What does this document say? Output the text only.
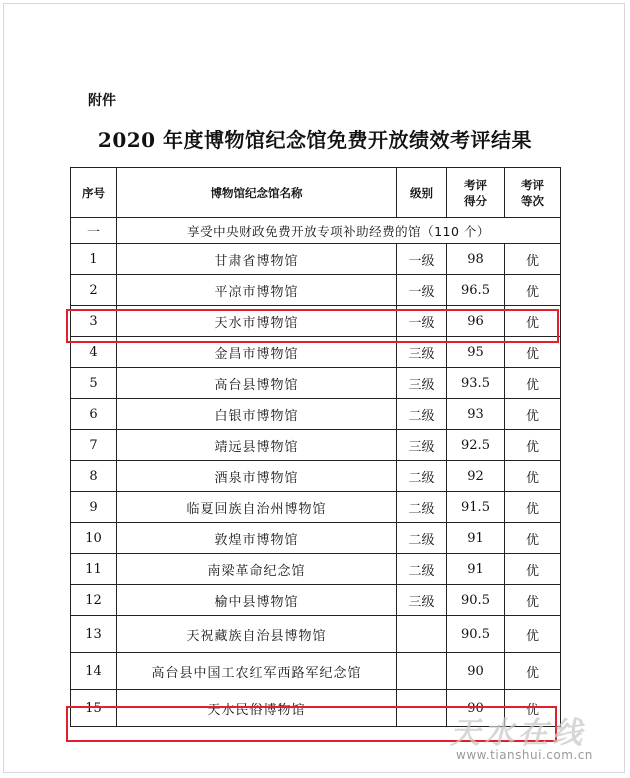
附件
2020 年度博物馆纪念馆免费开放绩效考评结果
序号	博物馆纪念馆名称	级别	考评得分	考评等次
一	享受中央财政免费开放专项补助经费的馆（110 个）			
1	甘肃省博物馆	一级	98	优
2	平凉市博物馆	一级	96.5	优
3	天水市博物馆	一级	96	优
4	金昌市博物馆	三级	95	优
5	高台县博物馆	三级	93.5	优
6	白银市博物馆	二级	93	优
7	靖远县博物馆	三级	92.5	优
8	酒泉市博物馆	二级	92	优
9	临夏回族自治州博物馆	二级	91.5	优
10	敦煌市博物馆	二级	91	优
11	南梁革命纪念馆	二级	91	优
12	榆中县博物馆	三级	90.5	优
13	天祝藏族自治县博物馆		90.5	优
14	高台县中国工农红军西路军纪念馆		90	优
15	天水民俗博物馆		90	优
天水在线
www.tianshui.com.cn
